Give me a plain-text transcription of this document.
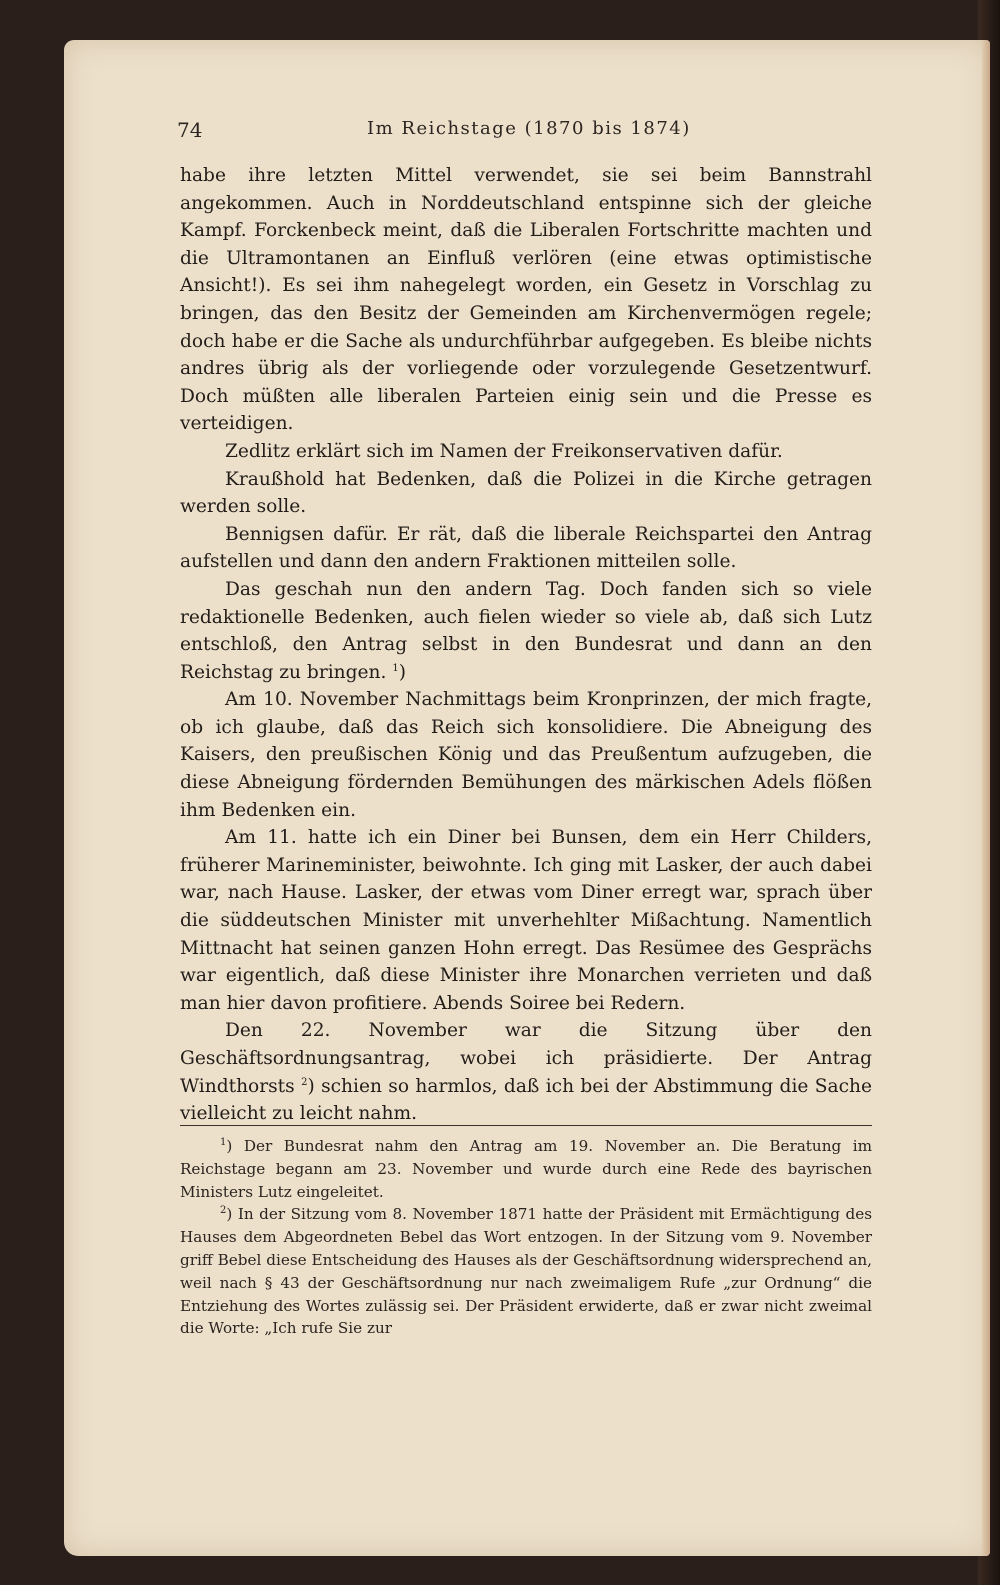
74	Im Reichstage (1870 bis 1874)

habe ihre letzten Mittel verwendet, sie sei beim Bannstrahl angekommen. Auch in Norddeutschland entspinne sich der gleiche Kampf. Forckenbeck meint, daß die Liberalen Fortschritte machten und die Ultramontanen an Einfluß verlören (eine etwas optimistische Ansicht!). Es sei ihm nahegelegt worden, ein Gesetz in Vorschlag zu bringen, das den Besitz der Gemeinden am Kirchenvermögen regele; doch habe er die Sache als undurchführbar aufgegeben. Es bleibe nichts andres übrig als der vorliegende oder vorzulegende Gesetzentwurf. Doch müßten alle liberalen Parteien einig sein und die Presse es verteidigen.

Zedlitz erklärt sich im Namen der Freikonservativen dafür.

Kraußhold hat Bedenken, daß die Polizei in die Kirche getragen werden solle.

Bennigsen dafür. Er rät, daß die liberale Reichspartei den Antrag aufstellen und dann den andern Fraktionen mitteilen solle.

Das geschah nun den andern Tag. Doch fanden sich so viele redaktionelle Bedenken, auch fielen wieder so viele ab, daß sich Lutz entschloß, den Antrag selbst in den Bundesrat und dann an den Reichstag zu bringen. $^1$)

Am 10. November Nachmittags beim Kronprinzen, der mich fragte, ob ich glaube, daß das Reich sich konsolidiere. Die Abneigung des Kaisers, den preußischen König und das Preußentum aufzugeben, die diese Abneigung fördernden Bemühungen des märkischen Adels flößen ihm Bedenken ein.

Am 11. hatte ich ein Diner bei Bunsen, dem ein Herr Childers, früherer Marineminister, beiwohnte. Ich ging mit Lasker, der auch dabei war, nach Hause. Lasker, der etwas vom Diner erregt war, sprach über die süddeutschen Minister mit unverhehlter Mißachtung. Namentlich Mittnacht hat seinen ganzen Hohn erregt. Das Resümee des Gesprächs war eigentlich, daß diese Minister ihre Monarchen verrieten und daß man hier davon profitiere. Abends Soiree bei Redern.

Den 22. November war die Sitzung über den Geschäftsordnungsantrag, wobei ich präsidierte. Der Antrag Windthorsts $^2$) schien so harmlos, daß ich bei der Abstimmung die Sache vielleicht zu leicht nahm.

$^1$) Der Bundesrat nahm den Antrag am 19. November an. Die Beratung im Reichstage begann am 23. November und wurde durch eine Rede des bayrischen Ministers Lutz eingeleitet.

$^2$) In der Sitzung vom 8. November 1871 hatte der Präsident mit Ermächtigung des Hauses dem Abgeordneten Bebel das Wort entzogen. In der Sitzung vom 9. November griff Bebel diese Entscheidung des Hauses als der Geschäftsordnung widersprechend an, weil nach § 43 der Geschäftsordnung nur nach zweimaligem Rufe „zur Ordnung“ die Entziehung des Wortes zulässig sei. Der Präsident erwiderte, daß er zwar nicht zweimal die Worte: „Ich rufe Sie zur
